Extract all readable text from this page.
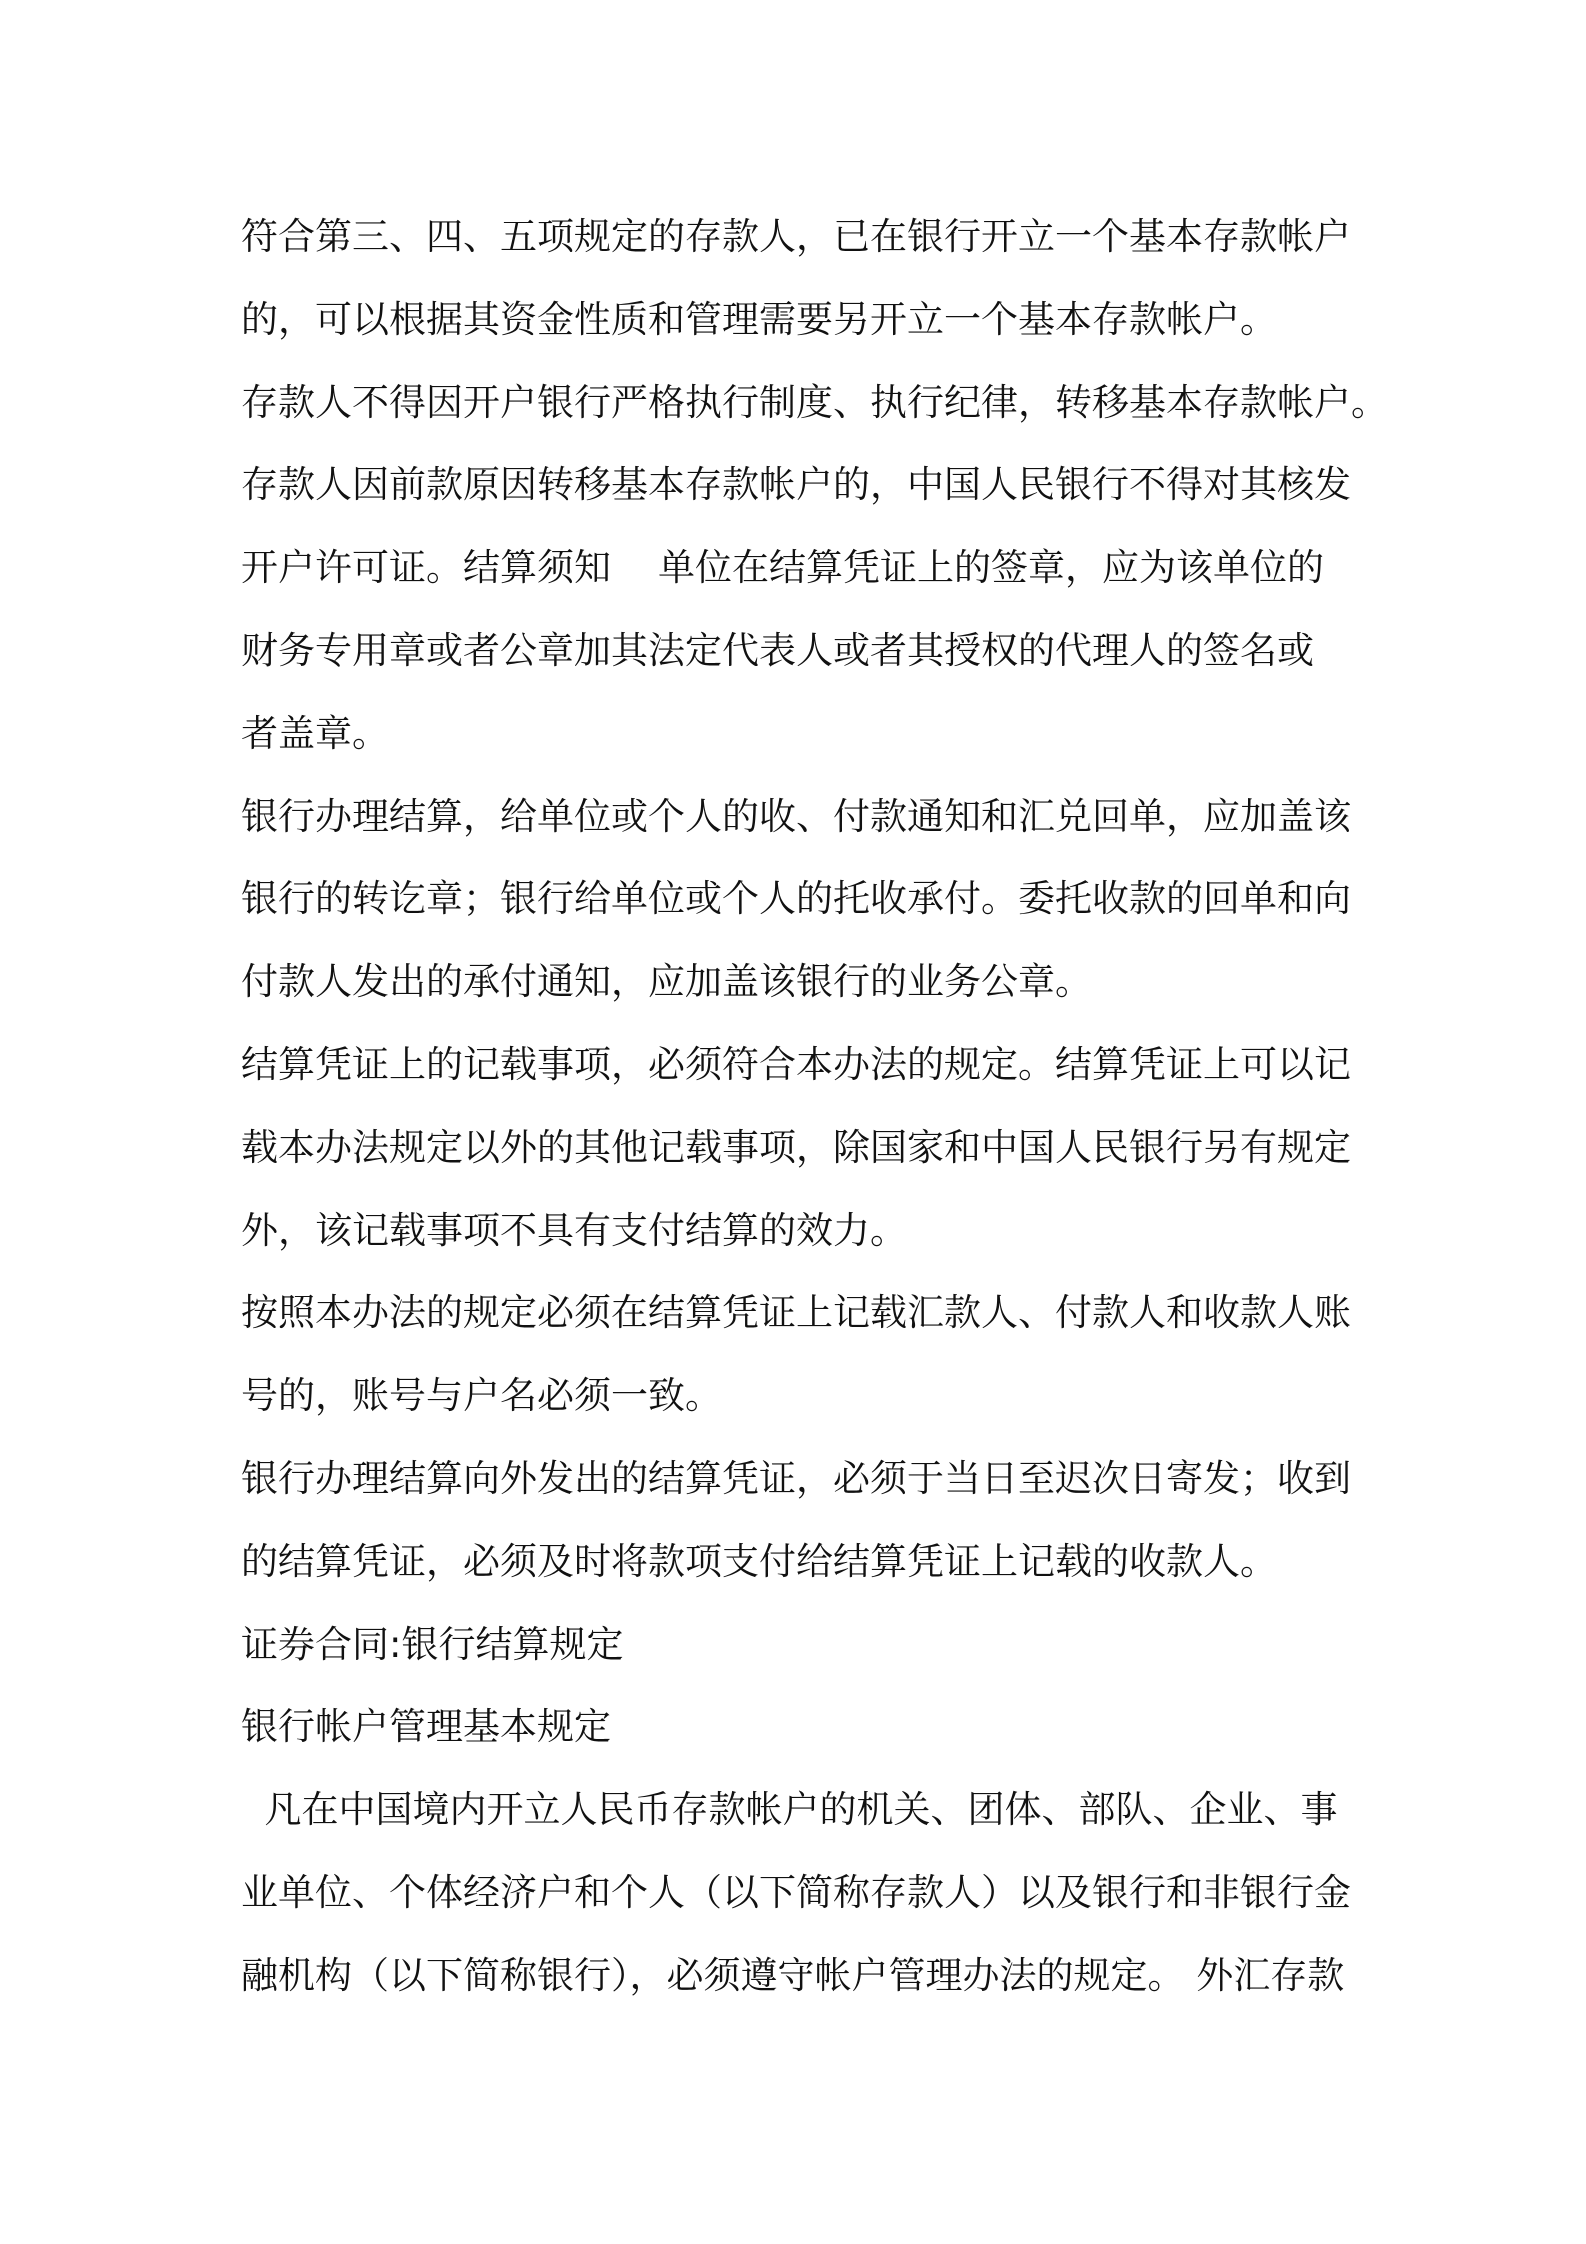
符合第三、四、五项规定的存款人，已在银行开立一个基本存款帐户
的，可以根据其资金性质和管理需要另开立一个基本存款帐户。
存款人不得因开户银行严格执行制度、执行纪律，转移基本存款帐户。
存款人因前款原因转移基本存款帐户的，中国人民银行不得对其核发
开户许可证。结算须知    单位在结算凭证上的签章，应为该单位的
财务专用章或者公章加其法定代表人或者其授权的代理人的签名或
者盖章。
银行办理结算，给单位或个人的收、付款通知和汇兑回单，应加盖该
银行的转讫章；银行给单位或个人的托收承付。委托收款的回单和向
付款人发出的承付通知，应加盖该银行的业务公章。
结算凭证上的记载事项，必须符合本办法的规定。结算凭证上可以记
载本办法规定以外的其他记载事项，除国家和中国人民银行另有规定
外，该记载事项不具有支付结算的效力。
按照本办法的规定必须在结算凭证上记载汇款人、付款人和收款人账
号的，账号与户名必须一致。
银行办理结算向外发出的结算凭证，必须于当日至迟次日寄发；收到
的结算凭证，必须及时将款项支付给结算凭证上记载的收款人。
证券合同:银行结算规定
银行帐户管理基本规定
凡在中国境内开立人民币存款帐户的机关、团体、部队、企业、事
业单位、个体经济户和个人（以下简称存款人）以及银行和非银行金
融机构（以下简称银行），必须遵守帐户管理办法的规定。 外汇存款
